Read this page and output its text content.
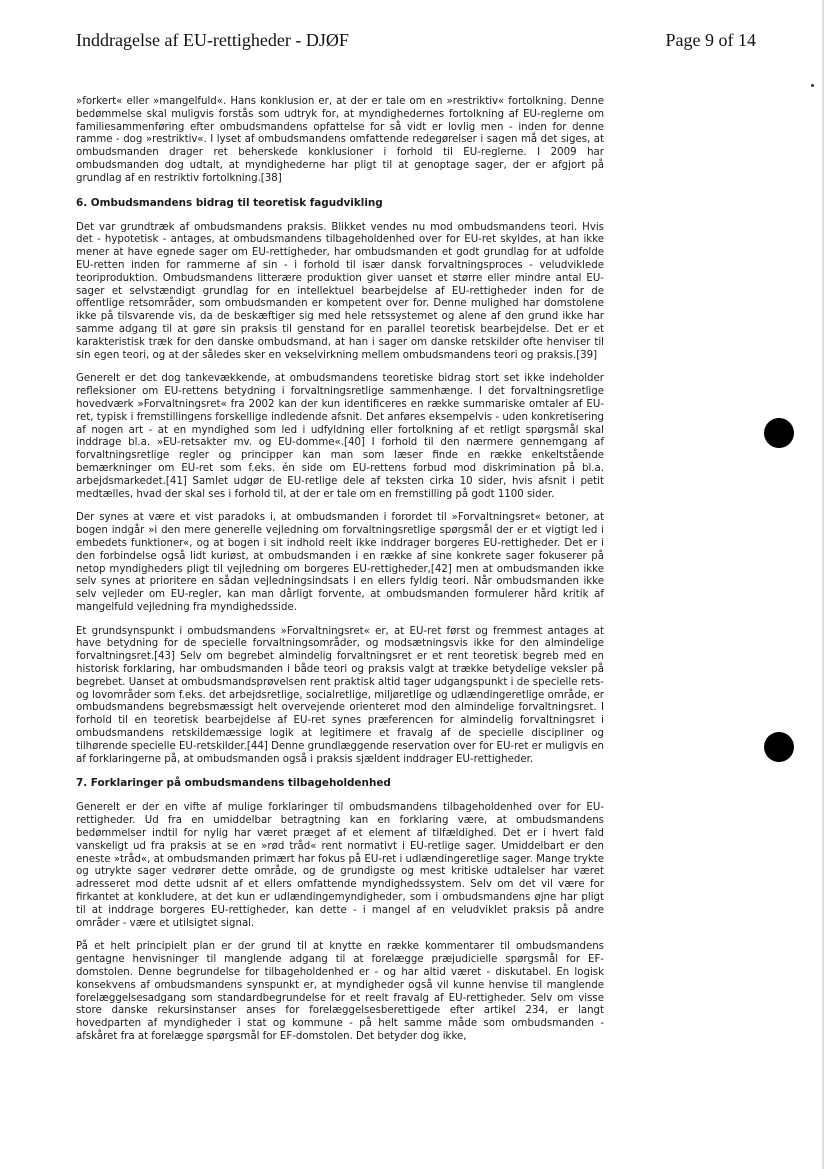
Inddragelse af EU-rettigheder - DJØF	Page 9 of 14

»forkert« eller »mangelfuld«. Hans konklusion er, at der er tale om en »restriktiv« fortolkning. Denne bedømmelse skal muligvis forstås som udtryk for, at myndighedernes fortolkning af EU-reglerne om familiesammenføring efter ombudsmandens opfattelse for så vidt er lovlig men - inden for denne ramme - dog »restriktiv«. I lyset af ombudsmandens omfattende redegørelser i sagen må det siges, at ombudsmanden drager ret beherskede konklusioner i forhold til EU-reglerne. I 2009 har ombudsmanden dog udtalt, at myndighederne har pligt til at genoptage sager, der er afgjort på grundlag af en restriktiv fortolkning.[38]

6. Ombudsmandens bidrag til teoretisk fagudvikling

Det var grundtræk af ombudsmandens praksis. Blikket vendes nu mod ombudsmandens teori. Hvis det - hypotetisk - antages, at ombudsmandens tilbageholdenhed over for EU-ret skyldes, at han ikke mener at have egnede sager om EU-rettigheder, har ombudsmanden et godt grundlag for at udfolde EU-retten inden for rammerne af sin - i forhold til især dansk forvaltningsproces - veludviklede teoriproduktion. Ombudsmandens litterære produktion giver uanset et større eller mindre antal EU-sager et selvstændigt grundlag for en intellektuel bearbejdelse af EU-rettigheder inden for de offentlige retsområder, som ombudsmanden er kompetent over for. Denne mulighed har domstolene ikke på tilsvarende vis, da de beskæftiger sig med hele retssystemet og alene af den grund ikke har samme adgang til at gøre sin praksis til genstand for en parallel teoretisk bearbejdelse. Det er et karakteristisk træk for den danske ombudsmand, at han i sager om danske retskilder ofte henviser til sin egen teori, og at der således sker en vekselvirkning mellem ombudsmandens teori og praksis.[39]

Generelt er det dog tankevækkende, at ombudsmandens teoretiske bidrag stort set ikke indeholder refleksioner om EU-rettens betydning i forvaltningsretlige sammenhænge. I det forvaltningsretlige hovedværk »Forvaltningsret« fra 2002 kan der kun identificeres en række summariske omtaler af EU-ret, typisk i fremstillingens forskellige indledende afsnit. Det anføres eksempelvis - uden konkretisering af nogen art - at en myndighed som led i udfyldning eller fortolkning af et retligt spørgsmål skal inddrage bl.a. »EU-retsakter mv. og EU-domme«.[40] I forhold til den nærmere gennemgang af forvaltningsretlige regler og principper kan man som læser finde en række enkeltstående bemærkninger om EU-ret som f.eks. én side om EU-rettens forbud mod diskrimination på bl.a. arbejdsmarkedet.[41] Samlet udgør de EU-retlige dele af teksten cirka 10 sider, hvis afsnit i petit medtælles, hvad der skal ses i forhold til, at der er tale om en fremstilling på godt 1100 sider.

Der synes at være et vist paradoks i, at ombudsmanden i forordet til »Forvaltningsret« betoner, at bogen indgår »i den mere generelle vejledning om forvaltningsretlige spørgsmål der er et vigtigt led i embedets funktioner«, og at bogen i sit indhold reelt ikke inddrager borgeres EU-rettigheder. Det er i den forbindelse også lidt kuriøst, at ombudsmanden i en række af sine konkrete sager fokuserer på netop myndigheders pligt til vejledning om borgeres EU-rettigheder,[42] men at ombudsmanden ikke selv synes at prioritere en sådan vejledningsindsats i en ellers fyldig teori. Når ombudsmanden ikke selv vejleder om EU-regler, kan man dårligt forvente, at ombudsmanden formulerer hård kritik af mangelfuld vejledning fra myndighedsside.

Et grundsynspunkt i ombudsmandens »Forvaltningsret« er, at EU-ret først og fremmest antages at have betydning for de specielle forvaltningsområder, og modsætningsvis ikke for den almindelige forvaltningsret.[43] Selv om begrebet almindelig forvaltningsret er et rent teoretisk begreb med en historisk forklaring, har ombudsmanden i både teori og praksis valgt at trække betydelige veksler på begrebet. Uanset at ombudsmandsprøvelsen rent praktisk altid tager udgangspunkt i de specielle rets- og lovområder som f.eks. det arbejdsretlige, socialretlige, miljøretlige og udlændingeretlige område, er ombudsmandens begrebsmæssigt helt overvejende orienteret mod den almindelige forvaltningsret. I forhold til en teoretisk bearbejdelse af EU-ret synes præferencen for almindelig forvaltningsret i ombudsmandens retskildemæssige logik at legitimere et fravalg af de specielle discipliner og tilhørende specielle EU-retskilder.[44] Denne grundlæggende reservation over for EU-ret er muligvis en af forklaringerne på, at ombudsmanden også i praksis sjældent inddrager EU-rettigheder.

7. Forklaringer på ombudsmandens tilbageholdenhed

Generelt er der en vifte af mulige forklaringer til ombudsmandens tilbageholdenhed over for EU-rettigheder. Ud fra en umiddelbar betragtning kan en forklaring være, at ombudsmandens bedømmelser indtil for nylig har været præget af et element af tilfældighed. Det er i hvert fald vanskeligt ud fra praksis at se en »rød tråd« rent normativt i EU-retlige sager. Umiddelbart er den eneste »tråd«, at ombudsmanden primært har fokus på EU-ret i udlændingeretlige sager. Mange trykte og utrykte sager vedrører dette område, og de grundigste og mest kritiske udtalelser har været adresseret mod dette udsnit af et ellers omfattende myndighedssystem. Selv om det vil være for firkantet at konkludere, at det kun er udlændingemyndigheder, som i ombudsmandens øjne har pligt til at inddrage borgeres EU-rettigheder, kan dette - i mangel af en veludviklet praksis på andre områder - være et utilsigtet signal.

På et helt principielt plan er der grund til at knytte en række kommentarer til ombudsmandens gentagne henvisninger til manglende adgang til at forelægge præjudicielle spørgsmål for EF-domstolen. Denne begrundelse for tilbageholdenhed er - og har altid været - diskutabel. En logisk konsekvens af ombudsmandens synspunkt er, at myndigheder også vil kunne henvise til manglende forelæggelsesadgang som standardbegrundelse for et reelt fravalg af EU-rettigheder. Selv om visse store danske rekursinstanser anses for forelæggelsesberettigede efter artikel 234, er langt hovedparten af myndigheder i stat og kommune - på helt samme måde som ombudsmanden - afskåret fra at forelægge spørgsmål for EF-domstolen. Det betyder dog ikke,
